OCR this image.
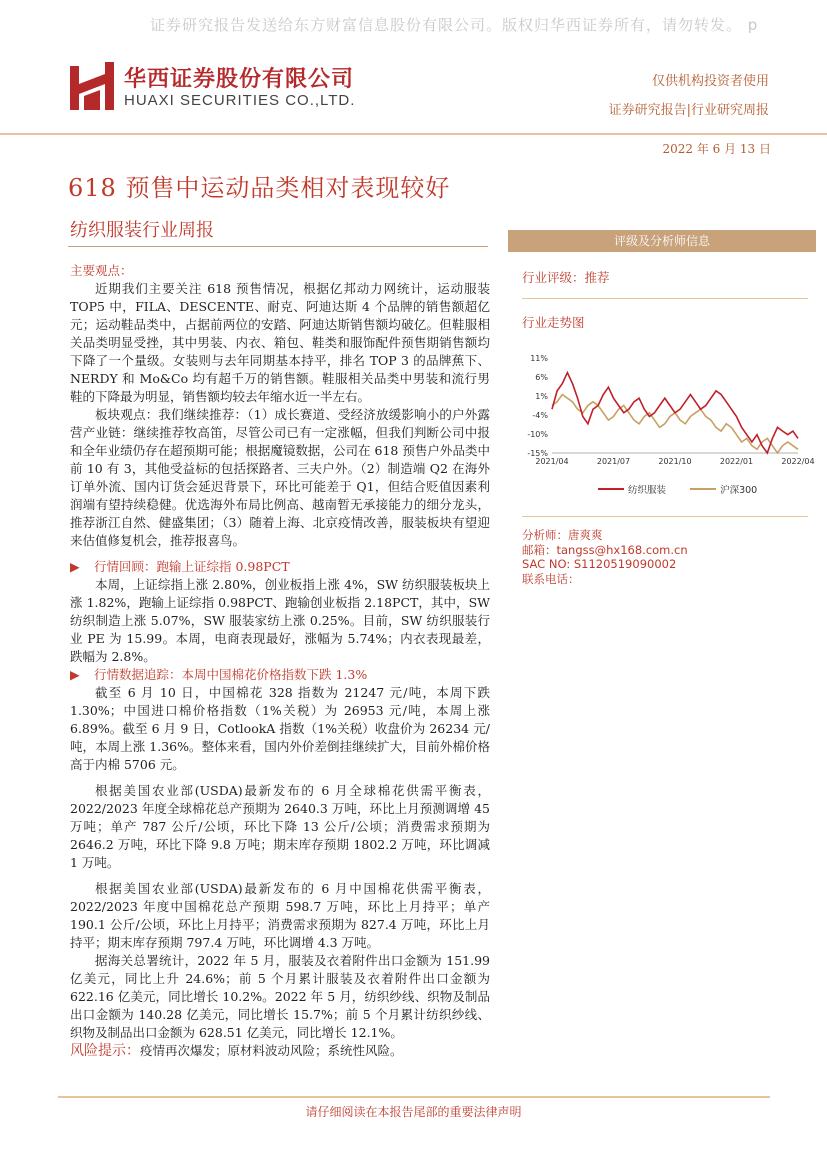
证券研究报告发送给东方财富信息股份有限公司。版权归华西证券所有，请勿转发。 p
华西证券股份有限公司
HUAXI SECURITIES CO.,LTD.
仅供机构投资者使用
证券研究报告|行业研究周报
2022 年 6 月 13 日
618 预售中运动品类相对表现较好
纺织服装行业周报

主要观点：

近期我们主要关注 618 预售情况，根据亿邦动力网统计，运动服装 TOP5 中，FILA、DESCENTE、耐克、阿迪达斯 4 个品牌的销售额超亿元；运动鞋品类中，占据前两位的安踏、阿迪达斯销售额均破亿。但鞋服相关品类明显受挫，其中男装、内衣、箱包、鞋类和服饰配件预售期销售额均下降了一个量级。女装则与去年同期基本持平，排名 TOP 3 的品牌蕉下、NERDY 和 Mo&Co 均有超千万的销售额。鞋服相关品类中男装和流行男鞋的下降最为明显，销售额均较去年缩水近一半左右。

板块观点：我们继续推荐：（1）成长赛道、受经济放缓影响小的户外露营产业链：继续推荐牧高笛，尽管公司已有一定涨幅，但我们判断公司中报和全年业绩仍存在超预期可能；根据魔镜数据，公司在 618 预售户外品类中前 10 有 3，其他受益标的包括探路者、三夫户外。（2）制造端 Q2 在海外订单外流、国内订货会延迟背景下，环比可能差于 Q1，但结合贬值因素利润端有望持续稳健。优选海外布局比例高、越南暂无承接能力的细分龙头，推荐浙江自然、健盛集团；（3）随着上海、北京疫情改善，服装板块有望迎来估值修复机会，推荐报喜鸟。

▶ 行情回顾：跑输上证综指 0.98PCT

本周，上证综指上涨 2.80%，创业板指上涨 4%，SW 纺织服装板块上涨 1.82%，跑输上证综指 0.98PCT、跑输创业板指 2.18PCT，其中，SW 纺织制造上涨 5.07%，SW 服装家纺上涨 0.25%。目前，SW 纺织服装行业 PE 为 15.99。本周，电商表现最好，涨幅为 5.74%；内衣表现最差，跌幅为 2.8%。

▶ 行情数据追踪：本周中国棉花价格指数下跌 1.3%

截至 6 月 10 日，中国棉花 328 指数为 21247 元/吨，本周下跌 1.30%；中国进口棉价格指数（1%关税）为 26953 元/吨，本周上涨 6.89%。截至 6 月 9 日，CotlookA 指数（1%关税）收盘价为 26234 元/吨，本周上涨 1.36%。整体来看，国内外价差倒挂继续扩大，目前外棉价格高于内棉 5706 元。

根据美国农业部(USDA)最新发布的 6 月全球棉花供需平衡表，2022/2023 年度全球棉花总产预期为 2640.3 万吨，环比上月预测调增 45 万吨；单产 787 公斤/公顷，环比下降 13 公斤/公顷；消费需求预期为 2646.2 万吨，环比下降 9.8 万吨；期末库存预期 1802.2 万吨，环比调减 1 万吨。

根据美国农业部(USDA)最新发布的 6 月中国棉花供需平衡表，2022/2023 年度中国棉花总产预期 598.7 万吨，环比上月持平；单产 190.1 公斤/公顷，环比上月持平；消费需求预期为 827.4 万吨，环比上月持平；期末库存预期 797.4 万吨，环比调增 4.3 万吨。

据海关总署统计，2022 年 5 月，服装及衣着附件出口金额为 151.99 亿美元，同比上升 24.6%；前 5 个月累计服装及衣着附件出口金额为 622.16 亿美元，同比增长 10.2%。2022 年 5 月，纺织纱线、织物及制品出口金额为 140.28 亿美元，同比增长 15.7%；前 5 个月累计纺织纱线、织物及制品出口金额为 628.51 亿美元，同比增长 12.1%。

风险提示：疫情再次爆发；原材料波动风险；系统性风险。

评级及分析师信息
行业评级：推荐
行业走势图
11%
6%
1%
-4%
-10%
-15%
2021/04	2021/07	2021/10	2022/01	2022/04
纺织服装	沪深300
分析师：唐爽爽
邮箱：tangss@hx168.com.cn
SAC NO: S1120519090002
联系电话：
请仔细阅读在本报告尾部的重要法律声明
